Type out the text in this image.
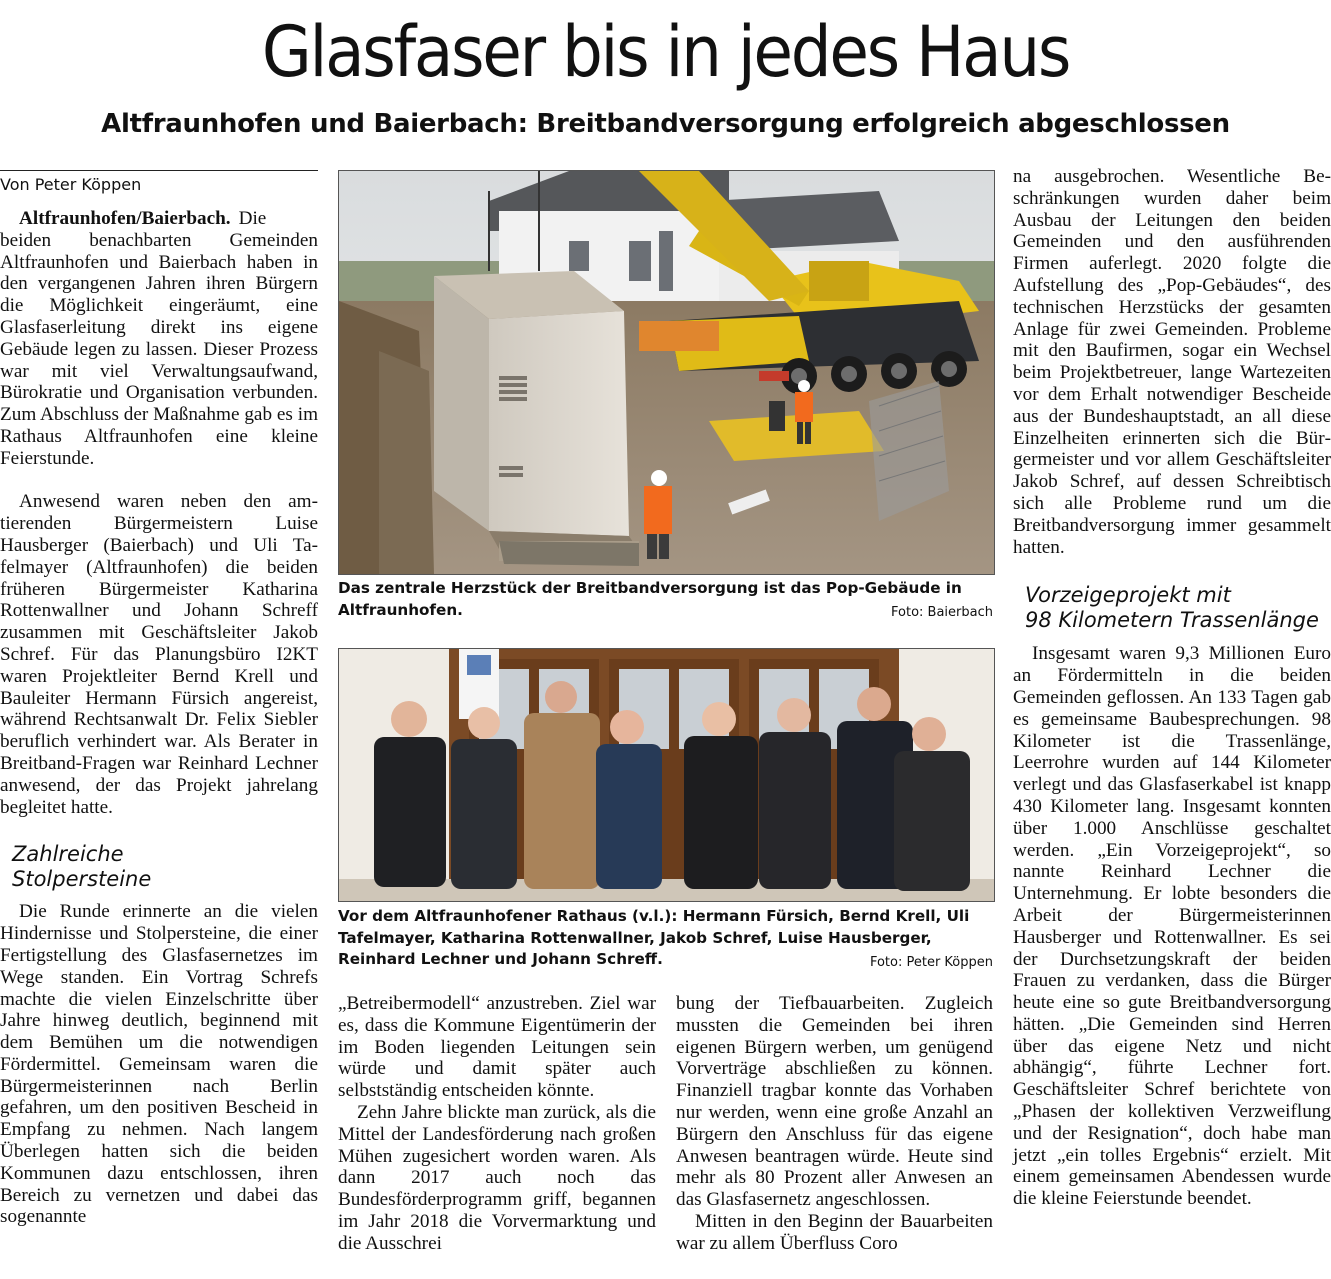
Glasfaser bis in jedes Haus
Altfraunhofen und Baierbach: Breitbandversorgung erfolgreich abgeschlossen
Von Peter Köppen

Altfraunhofen/Baierbach. Die beiden benachbarten Gemeinden Altfraunhofen und Baierbach haben in den vergangenen Jahren ihren Bürgern die Möglichkeit eingeräumt, eine Glasfaserleitung direkt ins eigene Gebäude legen zu lassen. Dieser Prozess war mit viel Verwaltungsaufwand, Bürokratie und Organisation verbunden. Zum Abschluss der Maßnahme gab es im Rathaus Altfraunhofen eine kleine Feierstunde.

Anwesend waren neben den amtierenden Bürgermeistern Luise Hausberger (Baierbach) und Uli Tafelmayer (Altfraunhofen) die beiden früheren Bürgermeister Katharina Rottenwallner und Johann Schreff zusammen mit Geschäftsleiter Jakob Schref. Für das Planungsbüro I2KT waren Projektleiter Bernd Krell und Bauleiter Hermann Fürsich angereist, während Rechtsanwalt Dr. Felix Siebler beruflich verhindert war. Als Berater in Breitband-Fragen war Reinhard Lechner anwesend, der das Projekt jahrelang begleitet hatte.

Zahlreiche

Stolpersteine

Die Runde erinnerte an die vielen Hindernisse und Stolpersteine, die einer Fertigstellung des Glasfasernetzes im Wege standen. Ein Vortrag Schrefs machte die vielen Einzelschritte über Jahre hinweg deutlich, beginnend mit dem Bemühen um die notwendigen Fördermittel. Gemeinsam waren die Bürgermeisterinnen nach Berlin gefahren, um den positiven Bescheid in Empfang zu nehmen. Nach langem Überlegen hatten sich die beiden Kommunen dazu entschlossen, ihren Bereich zu vernetzen und dabei das sogenannte

Das zentrale Herzstück der Breitbandversorgung ist das Pop-Gebäude in Altfraunhofen.	Foto: Baierbach
Vor dem Altfraunhofener Rathaus (v.l.): Hermann Fürsich, Bernd Krell, Uli Tafelmayer, Katharina Rottenwallner, Jakob Schref, Luise Hausberger, Reinhard Lechner und Johann Schreff.	Foto: Peter Köppen

„Betreibermodell“ anzustreben. Ziel war es, dass die Kommune Eigentümerin der im Boden liegenden Leitungen sein würde und damit später auch selbstständig entscheiden könnte.

Zehn Jahre blickte man zurück, als die Mittel der Landesförderung nach großen Mühen zugesichert worden waren. Als dann 2017 auch noch das Bundesförderprogramm griff, begannen im Jahr 2018 die Vorvermarktung und die Ausschrei

bung der Tiefbauarbeiten. Zugleich mussten die Gemeinden bei ihren eigenen Bürgern werben, um genügend Vorverträge abschließen zu können. Finanziell tragbar konnte das Vorhaben nur werden, wenn eine große Anzahl an Bürgern den Anschluss für das eigene Anwesen beantragen würde. Heute sind mehr als 80 Prozent aller Anwesen an das Glasfasernetz angeschlossen.

Mitten in den Beginn der Bauarbeiten war zu allem Überfluss Coro

na ausgebrochen. Wesentliche Beschränkungen wurden daher beim Ausbau der Leitungen den beiden Gemeinden und den ausführenden Firmen auferlegt. 2020 folgte die Aufstellung des „Pop-Gebäudes“, des technischen Herzstücks der gesamten Anlage für zwei Gemeinden. Probleme mit den Baufirmen, sogar ein Wechsel beim Projektbetreuer, lange Wartezeiten vor dem Erhalt notwendiger Bescheide aus der Bundeshauptstadt, an all diese Einzelheiten erinnerten sich die Bürgermeister und vor allem Geschäftsleiter Jakob Schref, auf dessen Schreibtisch sich alle Probleme rund um die Breitbandversorgung immer gesammelt hatten.

Vorzeigeprojekt mit

98 Kilometern Trassenlänge

Insgesamt waren 9,3 Millionen Euro an Fördermitteln in die beiden Gemeinden geflossen. An 133 Tagen gab es gemeinsame Baubesprechungen. 98 Kilometer ist die Trassenlänge, Leerrohre wurden auf 144 Kilometer verlegt und das Glasfaserkabel ist knapp 430 Kilometer lang. Insgesamt konnten über 1.000 Anschlüsse geschaltet werden. „Ein Vorzeigeprojekt“, so nannte Reinhard Lechner die Unternehmung. Er lobte besonders die Arbeit der Bürgermeisterinnen Hausberger und Rottenwallner. Es sei der Durchsetzungskraft der beiden Frauen zu verdanken, dass die Bürger heute eine so gute Breitbandversorgung hätten. „Die Gemeinden sind Herren über das eigene Netz und nicht abhängig“, führte Lechner fort. Geschäftsleiter Schref berichtete von „Phasen der kollektiven Verzweiflung und der Resignation“, doch habe man jetzt „ein tolles Ergebnis“ erzielt. Mit einem gemeinsamen Abendessen wurde die kleine Feierstunde beendet.
